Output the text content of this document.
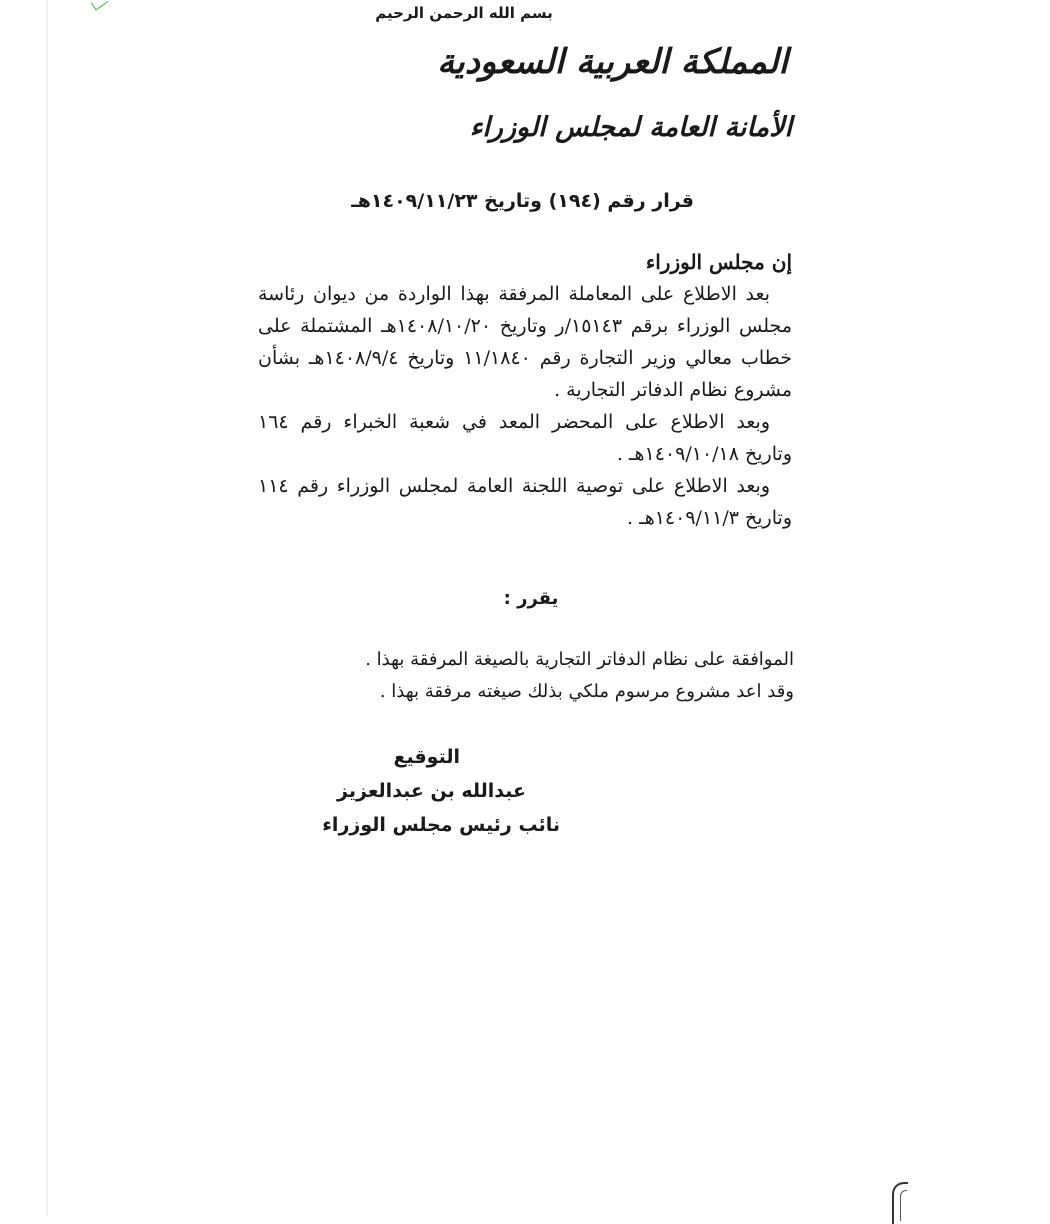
بسم الله الرحمن الرحيم
المملكة العربية السعودية
الأمانة العامة لمجلس الوزراء
قرار رقم (١٩٤) وتاريخ ١٤٠٩/١١/٢٣هـ
إن مجلس الوزراء
بعد الاطلاع على المعاملة المرفقة بهذا الواردة من ديوان رئاسة مجلس الوزراء برقم ١٥١٤٣/ر وتاريخ ١٤٠٨/١٠/٢٠هـ المشتملة على خطاب معالي وزير التجارة رقم ١١/١٨٤٠ وتاريخ ١٤٠٨/٩/٤هـ بشأن مشروع نظام الدفاتر التجارية .
وبعد الاطلاع على المحضر المعد في شعبة الخبراء رقم ١٦٤ وتاريخ ١٤٠٩/١٠/١٨هـ .
وبعد الاطلاع على توصية اللجنة العامة لمجلس الوزراء رقم ١١٤ وتاريخ ١٤٠٩/١١/٣هـ .
يقرر :
الموافقة على نظام الدفاتر التجارية بالصيغة المرفقة بهذا .
وقد اعد مشروع مرسوم ملكي بذلك صيغته مرفقة بهذا .
التوقيع
عبدالله بن عبدالعزيز
نائب رئيس مجلس الوزراء
